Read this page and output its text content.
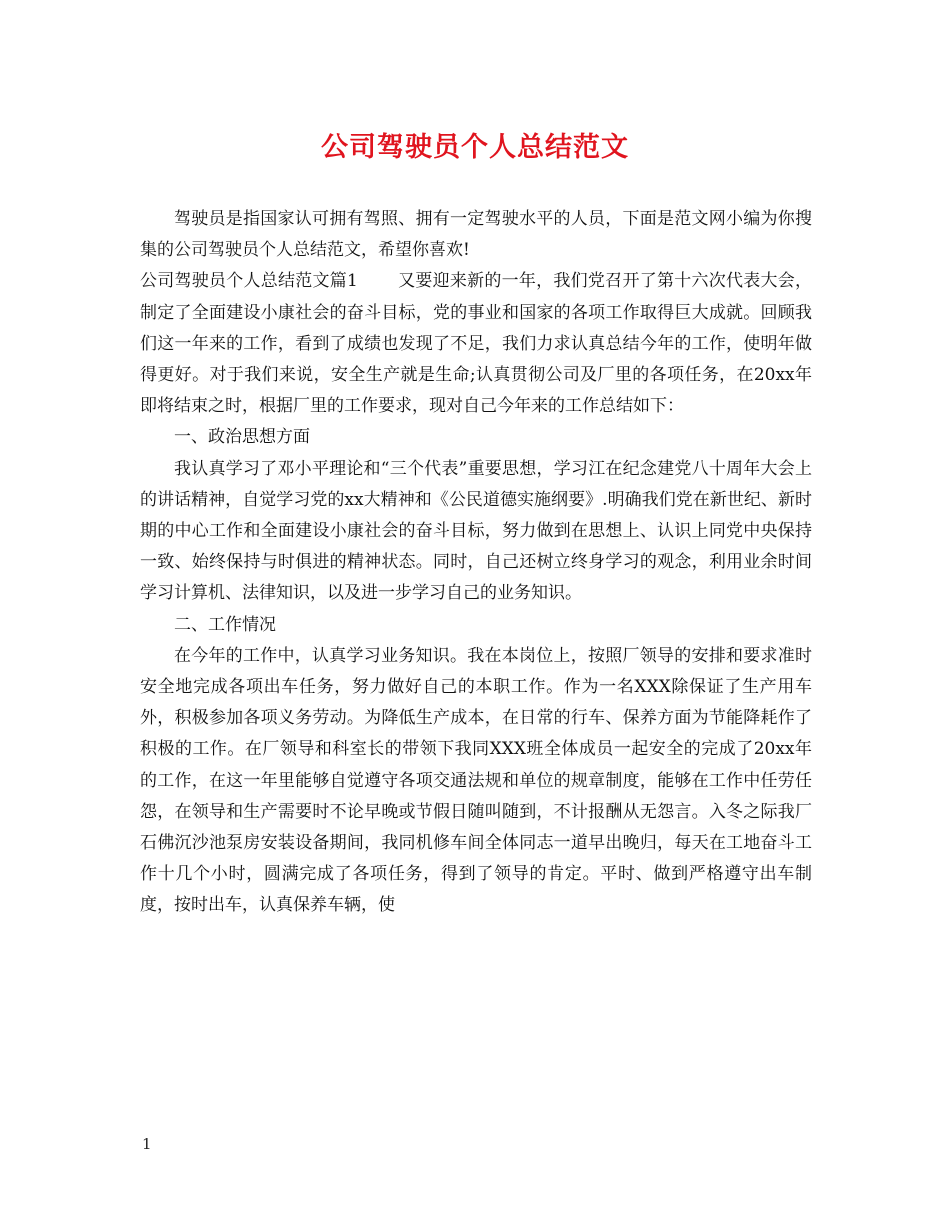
公司驾驶员个人总结范文

驾驶员是指国家认可拥有驾照、拥有一定驾驶水平的人员，下面是范文网小编为你搜集的公司驾驶员个人总结范文，希望你喜欢!

公司驾驶员个人总结范文篇1 又要迎来新的一年，我们党召开了第十六次代表大会，制定了全面建设小康社会的奋斗目标，党的事业和国家的各项工作取得巨大成就。回顾我们这一年来的工作，看到了成绩也发现了不足，我们力求认真总结今年的工作，使明年做得更好。对于我们来说，安全生产就是生命;认真贯彻公司及厂里的各项任务，在20xx年即将结束之时，根据厂里的工作要求，现对自己今年来的工作总结如下：

一、政治思想方面

我认真学习了邓小平理论和“三个代表”重要思想，学习江在纪念建党八十周年大会上的讲话精神，自觉学习党的xx大精神和《公民道德实施纲要》.明确我们党在新世纪、新时期的中心工作和全面建设小康社会的奋斗目标，努力做到在思想上、认识上同党中央保持一致、始终保持与时俱进的精神状态。同时，自己还树立终身学习的观念，利用业余时间学习计算机、法律知识，以及进一步学习自己的业务知识。

二、工作情况

在今年的工作中，认真学习业务知识。我在本岗位上，按照厂领导的安排和要求准时安全地完成各项出车任务，努力做好自己的本职工作。作为一名XXX除保证了生产用车外，积极参加各项义务劳动。为降低生产成本，在日常的行车、保养方面为节能降耗作了积极的工作。在厂领导和科室长的带领下我同XXX班全体成员一起安全的完成了20xx年的工作，在这一年里能够自觉遵守各项交通法规和单位的规章制度，能够在工作中任劳任怨，在领导和生产需要时不论早晚或节假日随叫随到，不计报酬从无怨言。入冬之际我厂石佛沉沙池泵房安装设备期间，我同机修车间全体同志一道早出晚归，每天在工地奋斗工作十几个小时，圆满完成了各项任务，得到了领导的肯定。平时、做到严格遵守出车制度，按时出车，认真保养车辆，使

1
